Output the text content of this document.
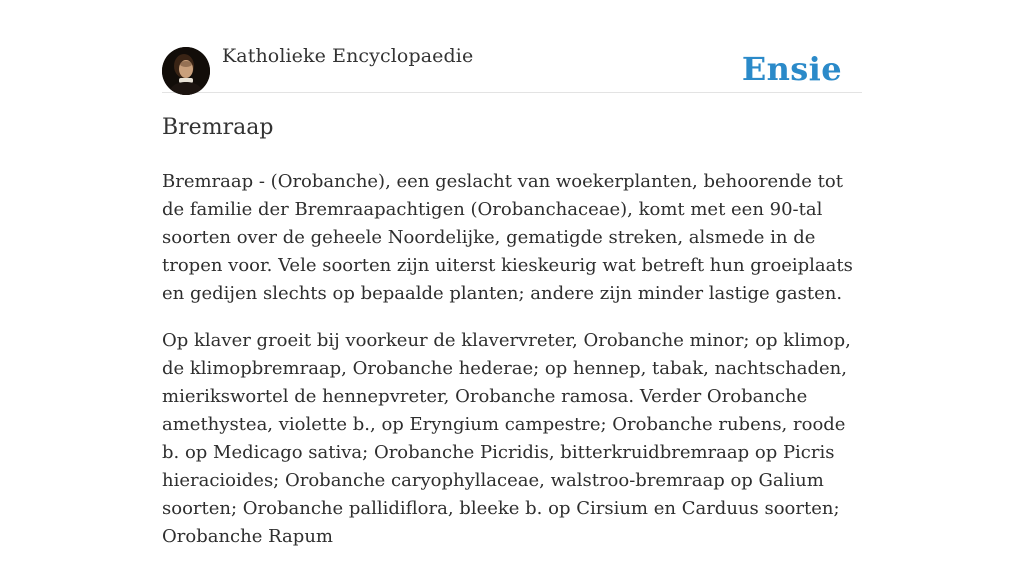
Katholieke Encyclopaedie	Ensie
Bremraap

Bremraap - (Orobanche), een geslacht van woekerplanten, behoorende tot de familie der Bremraapachtigen (Orobanchaceae), komt met een 90-tal soorten over de geheele Noordelijke, gematigde streken, alsmede in de tropen voor. Vele soorten zijn uiterst kieskeurig wat betreft hun groeiplaats en gedijen slechts op bepaalde planten; andere zijn minder lastige gasten.

Op klaver groeit bij voorkeur de klavervreter, Orobanche minor; op klimop, de klimopbremraap, Orobanche hederae; op hennep, tabak, nachtschaden, mierikswortel de hennepvreter, Orobanche ramosa. Verder Orobanche amethystea, violette b., op Eryngium campestre; Orobanche rubens, roode b. op Medicago sativa; Orobanche Picridis, bitterkruidbremraap op Picris hieracioides; Orobanche caryophyllaceae, walstroo-bremraap op Galium soorten; Orobanche pallidiflora, bleeke b. op Cirsium en Carduus soorten; Orobanche Rapum
